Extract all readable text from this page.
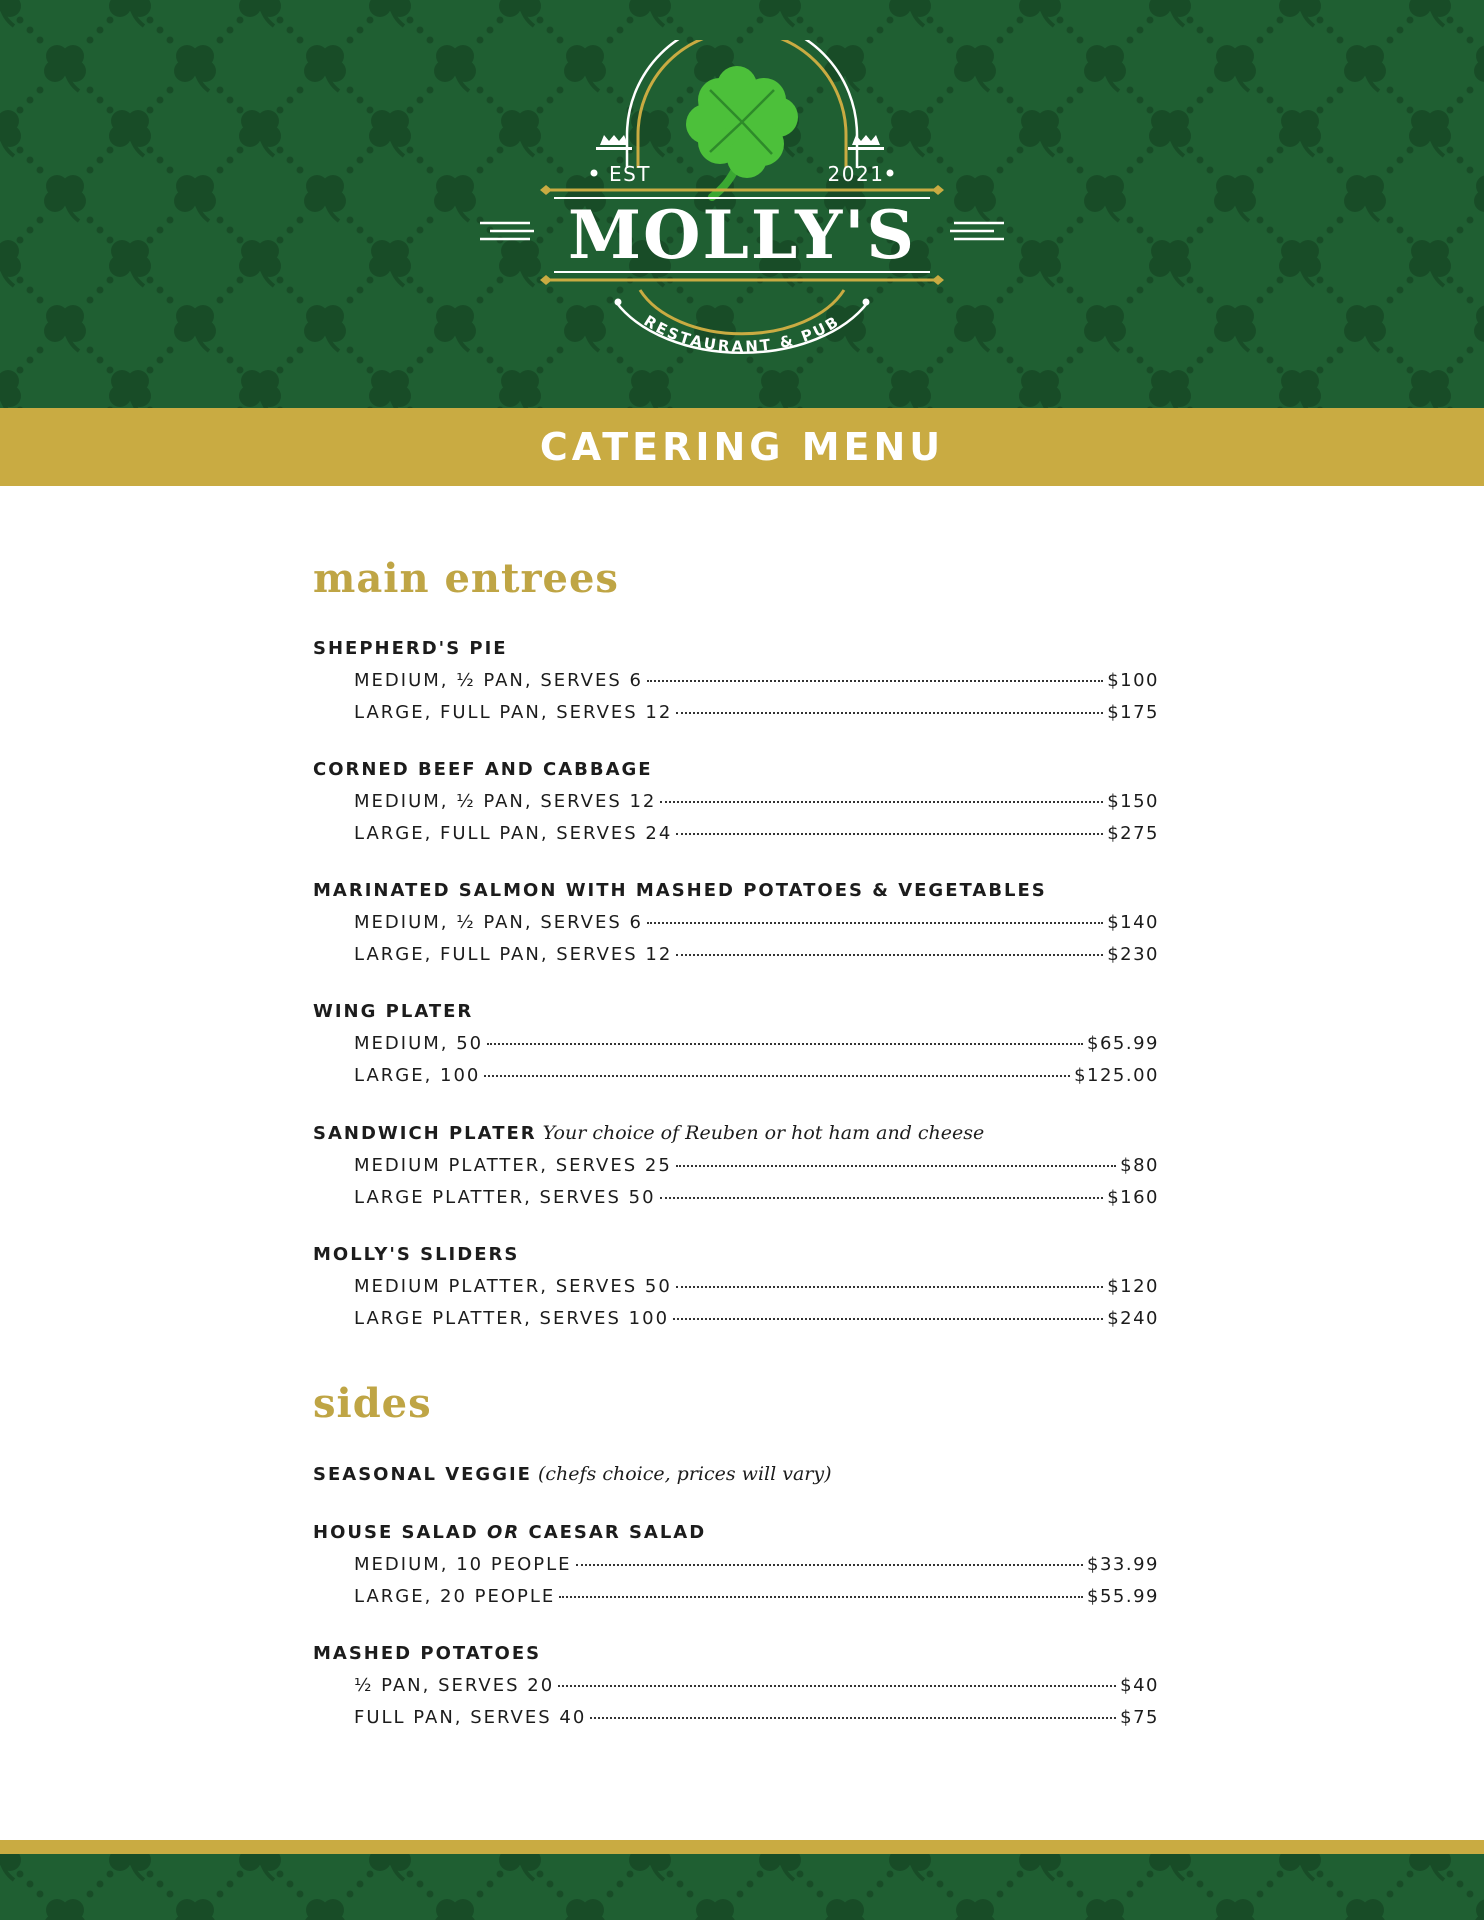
EST	2021
MOLLY'S
RESTAURANT & PUB
CATERING MENU
main entrees

SHEPHERD'S PIE

MEDIUM, ½ PAN, SERVES 6	$100
LARGE, FULL PAN, SERVES 12	$175

CORNED BEEF AND CABBAGE

MEDIUM, ½ PAN, SERVES 12	$150
LARGE, FULL PAN, SERVES 24	$275

MARINATED SALMON WITH MASHED POTATOES & VEGETABLES

MEDIUM, ½ PAN, SERVES 6	$140
LARGE, FULL PAN, SERVES 12	$230

WING PLATER

MEDIUM, 50	$65.99
LARGE, 100	$125.00

SANDWICH PLATER Your choice of Reuben or hot ham and cheese

MEDIUM PLATTER, SERVES 25	$80
LARGE PLATTER, SERVES 50	$160

MOLLY'S SLIDERS

MEDIUM PLATTER, SERVES 50	$120
LARGE PLATTER, SERVES 100	$240
sides

SEASONAL VEGGIE (chefs choice, prices will vary)

HOUSE SALAD OR CAESAR SALAD

MEDIUM, 10 PEOPLE	$33.99
LARGE, 20 PEOPLE	$55.99

MASHED POTATOES

½ PAN, SERVES 20	$40
FULL PAN, SERVES 40	$75
